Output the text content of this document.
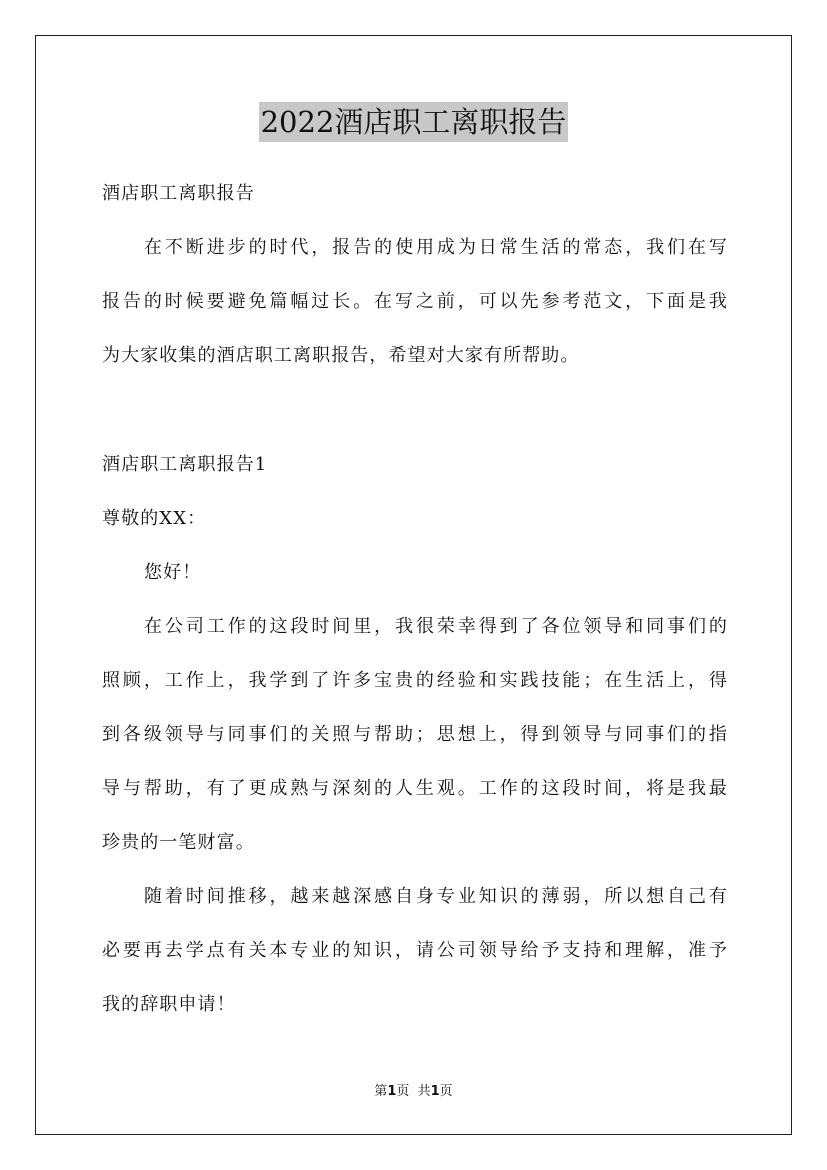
2022酒店职工离职报告
酒店职工离职报告
在不断进步的时代，报告的使用成为日常生活的常态，我们在写
报告的时候要避免篇幅过长。在写之前，可以先参考范文，下面是我
为大家收集的酒店职工离职报告，希望对大家有所帮助。
酒店职工离职报告1
尊敬的XX：
您好！
在公司工作的这段时间里，我很荣幸得到了各位领导和同事们的
照顾，工作上，我学到了许多宝贵的经验和实践技能；在生活上，得
到各级领导与同事们的关照与帮助；思想上，得到领导与同事们的指
导与帮助，有了更成熟与深刻的人生观。工作的这段时间，将是我最
珍贵的一笔财富。
随着时间推移，越来越深感自身专业知识的薄弱，所以想自己有
必要再去学点有关本专业的知识，请公司领导给予支持和理解，准予
我的辞职申请！
第1页  共1页
